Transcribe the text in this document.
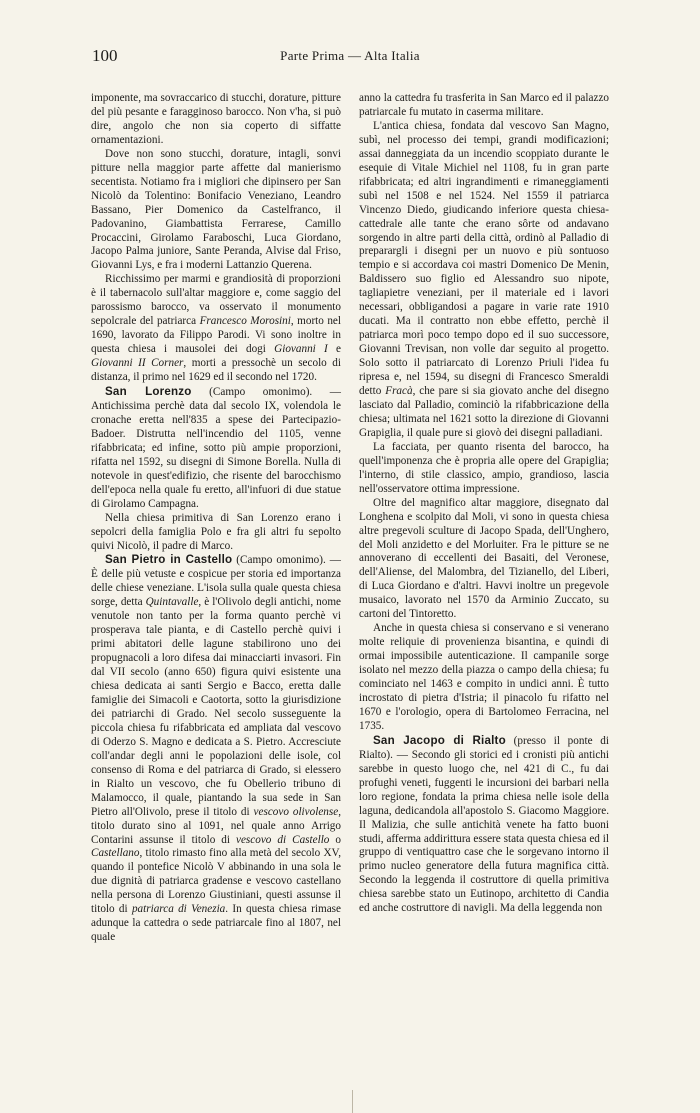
100	Parte Prima — Alta Italia

imponente, ma sovraccarico di stucchi, dorature, pitture del più pesante e faragginoso barocco. Non v'ha, si può dire, angolo che non sia coperto di siffatte ornamentazioni.

Dove non sono stucchi, dorature, intagli, sonvi pitture nella maggior parte affette dal manierismo secentista. Notiamo fra i migliori che dipinsero per San Nicolò da Tolentino: Bonifacio Veneziano, Leandro Bassano, Pier Domenico da Castelfranco, il Padovanino, Giambattista Ferrarese, Camillo Procaccini, Girolamo Faraboschi, Luca Giordano, Jacopo Palma juniore, Sante Peranda, Alvise dal Friso, Giovanni Lys, e fra i moderni Lattanzio Querena.

Ricchissimo per marmi e grandiosità di proporzioni è il tabernacolo sull'altar maggiore e, come saggio del parossismo barocco, va osservato il monumento sepolcrale del patriarca Francesco Morosini, morto nel 1690, lavorato da Filippo Parodi. Vi sono inoltre in questa chiesa i mausolei dei dogi Giovanni I e Giovanni II Corner, morti a pressochè un secolo di distanza, il primo nel 1629 ed il secondo nel 1720.

San Lorenzo (Campo omonimo). — Antichissima perchè data dal secolo IX, volendola le cronache eretta nell'835 a spese dei Partecipazio-Badoer. Distrutta nell'incendio del 1105, venne rifabbricata; ed infine, sotto più ampie proporzioni, rifatta nel 1592, su disegni di Simone Borella. Nulla di notevole in quest'edifizio, che risente del barocchismo dell'epoca nella quale fu eretto, all'infuori di due statue di Girolamo Campagna.

Nella chiesa primitiva di San Lorenzo erano i sepolcri della famiglia Polo e fra gli altri fu sepolto quivi Nicolò, il padre di Marco.

San Pietro in Castello (Campo omonimo). — È delle più vetuste e cospicue per storia ed importanza delle chiese veneziane. L'isola sulla quale questa chiesa sorge, detta Quintavalle, è l'Olivolo degli antichi, nome venutole non tanto per la forma quanto perchè vi prosperava tale pianta, e di Castello perchè quivi i primi abitatori delle lagune stabilirono uno dei propugnacoli a loro difesa dai minacciarti invasori. Fin dal VII secolo (anno 650) figura quivi esistente una chiesa dedicata ai santi Sergio e Bacco, eretta dalle famiglie dei Simacoli e Caotorta, sotto la giurisdizione dei patriarchi di Grado. Nel secolo susseguente la piccola chiesa fu rifabbricata ed ampliata dal vescovo di Oderzo S. Magno e dedicata a S. Pietro. Accresciute coll'andar degli anni le popolazioni delle isole, col consenso di Roma e del patriarca di Grado, si elessero in Rialto un vescovo, che fu Obellerio tribuno di Malamocco, il quale, piantando la sua sede in San Pietro all'Olivolo, prese il titolo di vescovo olivolense, titolo durato sino al 1091, nel quale anno Arrigo Contarini assunse il titolo di vescovo di Castello o Castellano, titolo rimasto fino alla metà del secolo XV, quando il pontefice Nicolò V abbinando in una sola le due dignità di patriarca gradense e vescovo castellano nella persona di Lorenzo Giustiniani, questi assunse il titolo di patriarca di Venezia. In questa chiesa rimase adunque la cattedra o sede patriarcale fino al 1807, nel quale

anno la cattedra fu trasferita in San Marco ed il palazzo patriarcale fu mutato in caserma militare.

L'antica chiesa, fondata dal vescovo San Magno, subì, nel processo dei tempi, grandi modificazioni; assai danneggiata da un incendio scoppiato durante le esequie di Vitale Michiel nel 1108, fu in gran parte rifabbricata; ed altri ingrandimenti e rimaneggiamenti subì nel 1508 e nel 1524. Nel 1559 il patriarca Vincenzo Diedo, giudicando inferiore questa chiesa-cattedrale alle tante che erano sôrte od andavano sorgendo in altre parti della città, ordinò al Palladio di preparargli i disegni per un nuovo e più sontuoso tempio e si accordava coi mastri Domenico De Menin, Baldissero suo figlio ed Alessandro suo nipote, tagliapietre veneziani, per il materiale ed i lavori necessari, obbligandosi a pagare in varie rate 1910 ducati. Ma il contratto non ebbe effetto, perchè il patriarca morì poco tempo dopo ed il suo successore, Giovanni Trevisan, non volle dar seguito al progetto. Solo sotto il patriarcato di Lorenzo Priuli l'idea fu ripresa e, nel 1594, su disegni di Francesco Smeraldi detto Fracà, che pare si sia giovato anche del disegno lasciato dal Palladio, cominciò la rifabbricazione della chiesa; ultimata nel 1621 sotto la direzione di Giovanni Grapiglia, il quale pure si giovò dei disegni palladiani.

La facciata, per quanto risenta del barocco, ha quell'imponenza che è propria alle opere del Grapiglia; l'interno, di stile classico, ampio, grandioso, lascia nell'osservatore ottima impressione.

Oltre del magnifico altar maggiore, disegnato dal Longhena e scolpito dal Moli, vi sono in questa chiesa altre pregevoli sculture di Jacopo Spada, dell'Unghero, del Moli anzidetto e del Morluiter. Fra le pitture se ne annoverano di eccellenti dei Basaiti, del Veronese, dell'Aliense, del Malombra, del Tizianello, del Liberi, di Luca Giordano e d'altri. Havvi inoltre un pregevole musaico, lavorato nel 1570 da Arminio Zuccato, su cartoni del Tintoretto.

Anche in questa chiesa si conservano e si venerano molte reliquie di provenienza bisantina, e quindi di ormai impossibile autenticazione. Il campanile sorge isolato nel mezzo della piazza o campo della chiesa; fu cominciato nel 1463 e compito in undici anni. È tutto incrostato di pietra d'Istria; il pinacolo fu rifatto nel 1670 e l'orologio, opera di Bartolomeo Ferracina, nel 1735.

San Jacopo di Rialto (presso il ponte di Rialto). — Secondo gli storici ed i cronisti più antichi sarebbe in questo luogo che, nel 421 di C., fu dai profughi veneti, fuggenti le incursioni dei barbari nella loro regione, fondata la prima chiesa nelle isole della laguna, dedicandola all'apostolo S. Giacomo Maggiore. Il Malizia, che sulle antichità venete ha fatto buoni studi, afferma addirittura essere stata questa chiesa ed il gruppo di ventiquattro case che le sorgevano intorno il primo nucleo generatore della futura magnifica città. Secondo la leggenda il costruttore di quella primitiva chiesa sarebbe stato un Eutinopo, architetto di Candia ed anche costruttore di navigli. Ma della leggenda non
